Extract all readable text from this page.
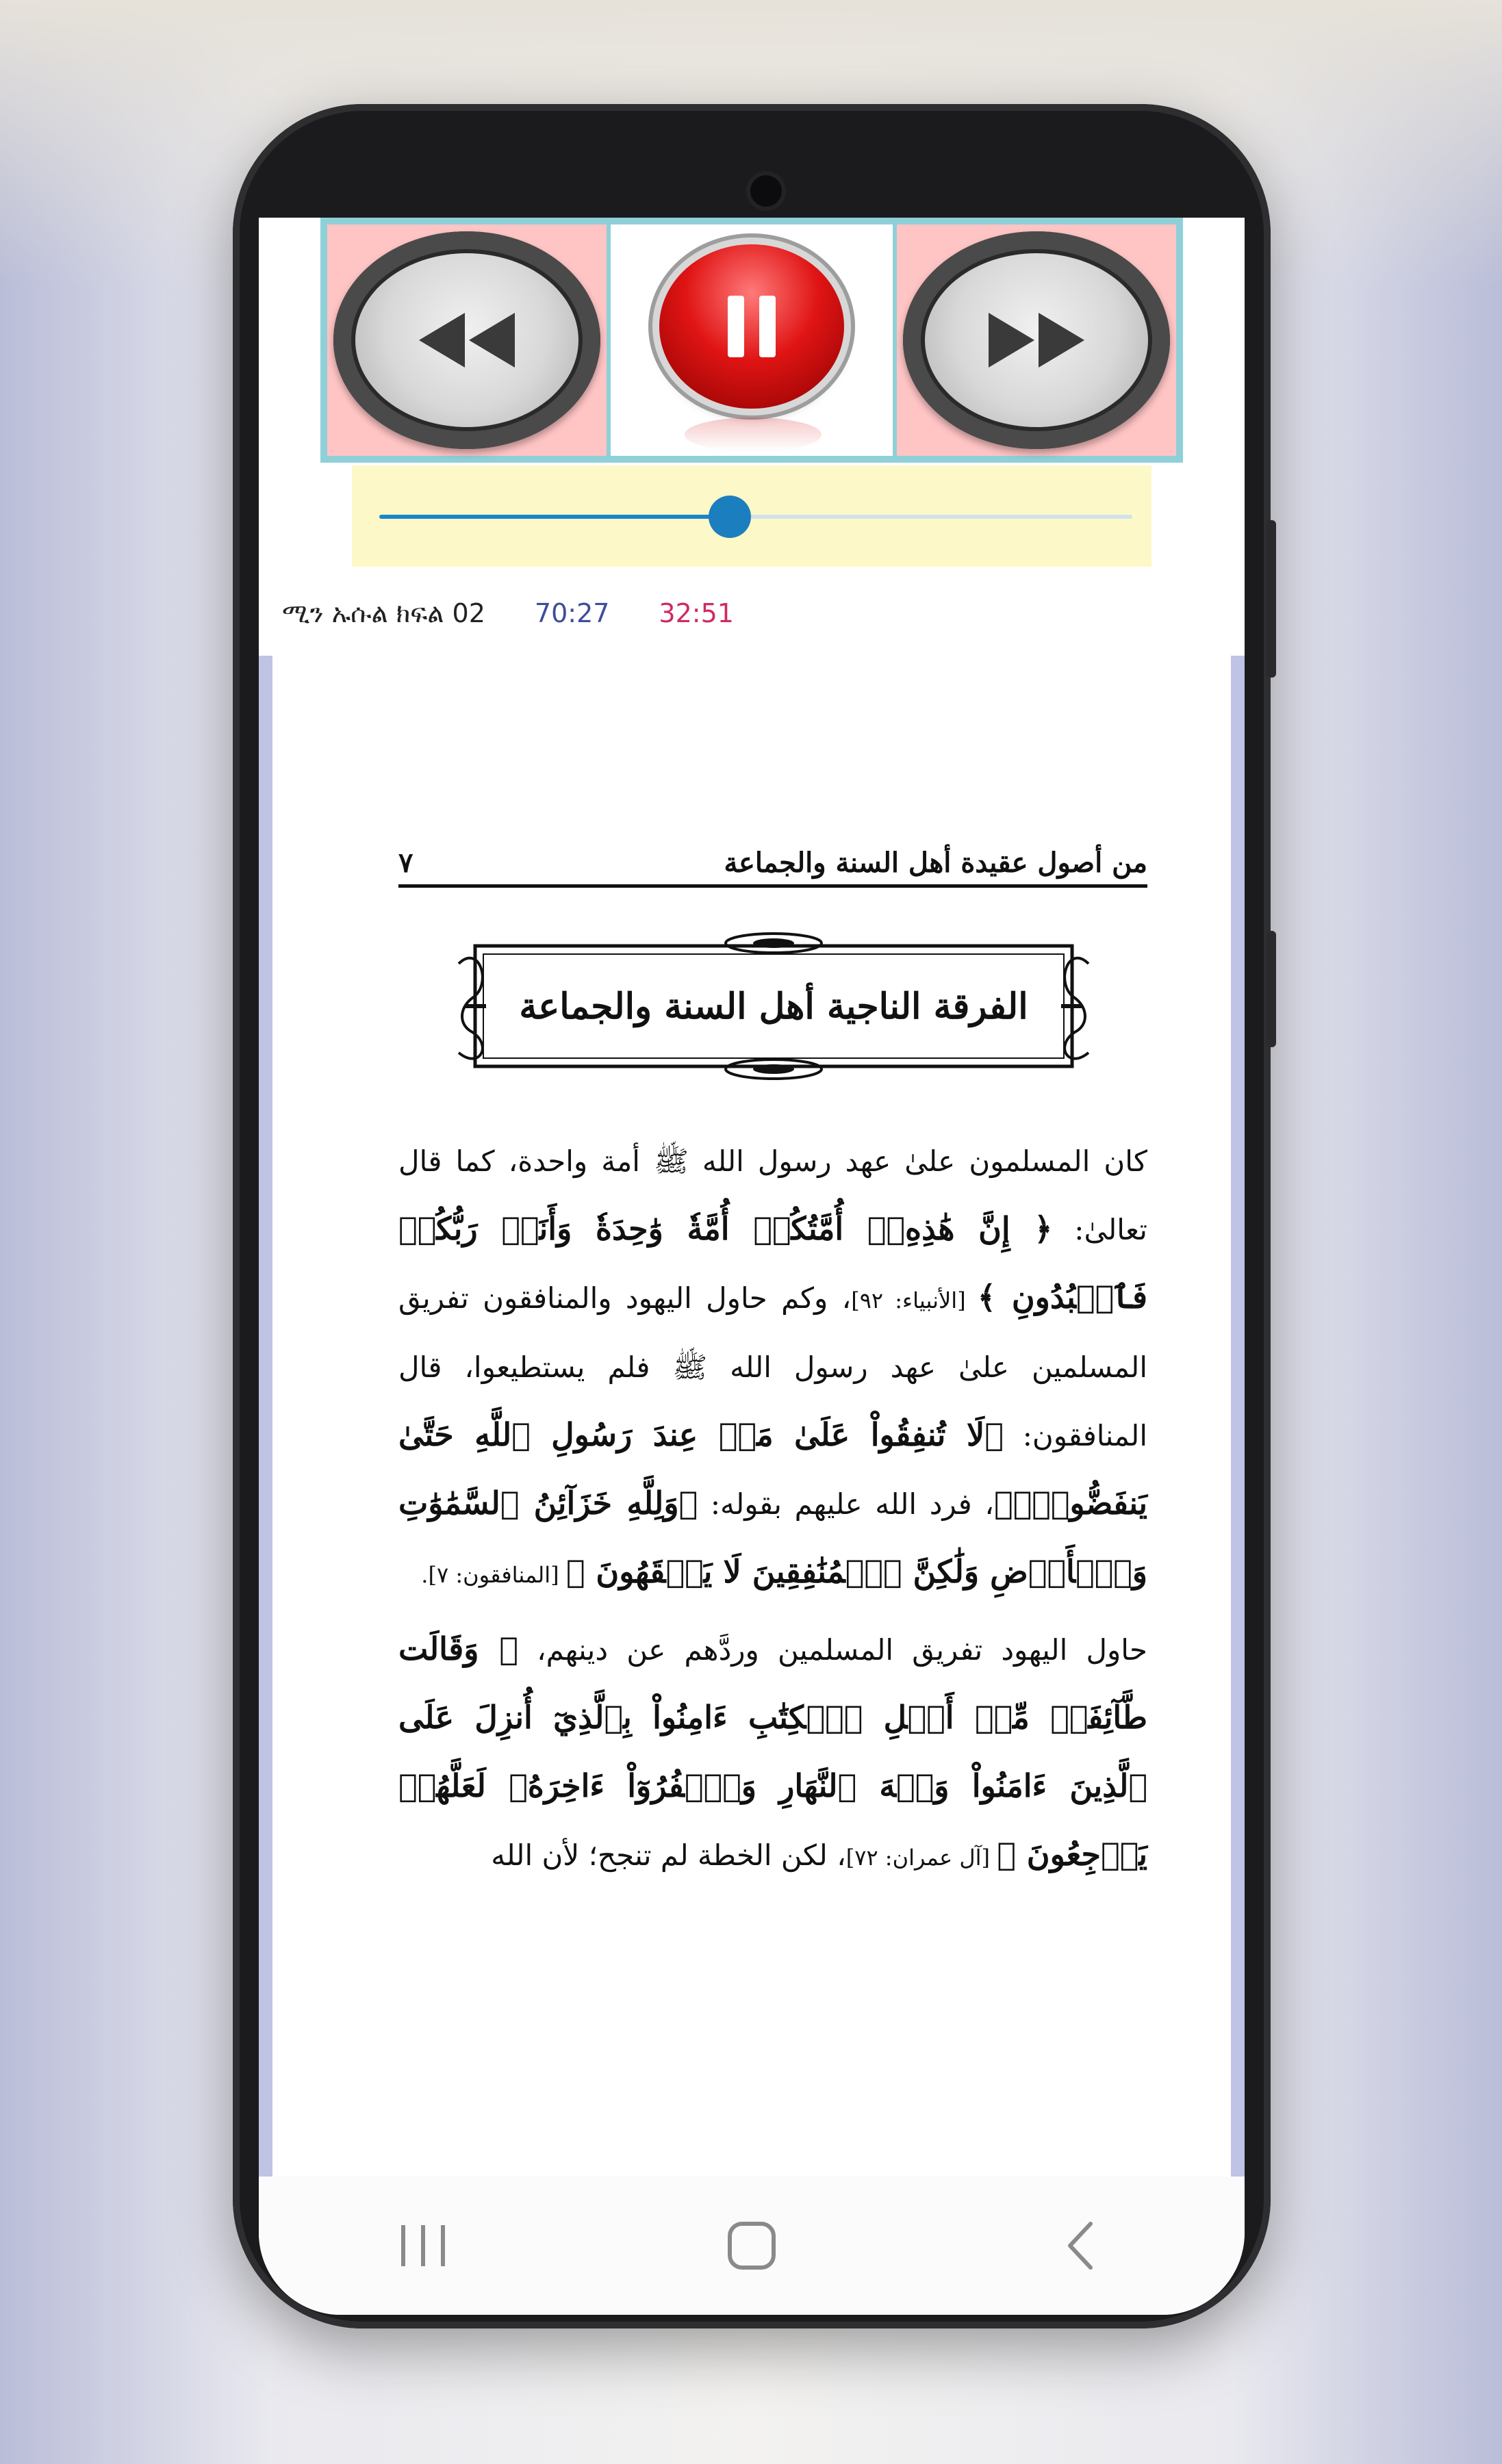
ሚን ኡሱል ክፍል 02 70:27 32:51
من أصول عقيدة أهل السنة والجماعة
٧
الفرقة الناجية أهل السنة والجماعة

كان المسلمون علىٰ عهد رسول الله ﷺ أمة واحدة، كما قال تعالىٰ: ﴿ إِنَّ هَٰذِهِۦٓ أُمَّتُكُمۡ أُمَّةٗ وَٰحِدَةٗ وَأَنَا۠ رَبُّكُمۡ فَٱعۡبُدُونِ ﴾ [الأنبياء: ٩٢]، وكم حاول اليهود والمنافقون تفريق المسلمين علىٰ عهد رسول الله ﷺ فلم يستطيعوا، قال المنافقون: ﴿لَا تُنفِقُواْ عَلَىٰ مَنۡ عِندَ رَسُولِ ٱللَّهِ حَتَّىٰ يَنفَضُّواْۗ﴾، فرد الله عليهم بقوله: ﴿وَلِلَّهِ خَزَآئِنُ ٱلسَّمَٰوَٰتِ وَٱلۡأَرۡضِ وَلَٰكِنَّ ٱلۡمُنَٰفِقِينَ لَا يَفۡقَهُونَ ﴾ [المنافقون: ٧].

حاول اليهود تفريق المسلمين وردَّهم عن دينهم، ﴿ وَقَالَت طَّآئِفَةٞ مِّنۡ أَهۡلِ ٱلۡكِتَٰبِ ءَامِنُواْ بِٱلَّذِيٓ أُنزِلَ عَلَى ٱلَّذِينَ ءَامَنُواْ وَجۡهَ ٱلنَّهَارِ وَٱكۡفُرُوٓاْ ءَاخِرَهُۥ لَعَلَّهُمۡ يَرۡجِعُونَ ﴾ [آل عمران: ٧٢]، لكن الخطة لم تنجح؛ لأن الله
